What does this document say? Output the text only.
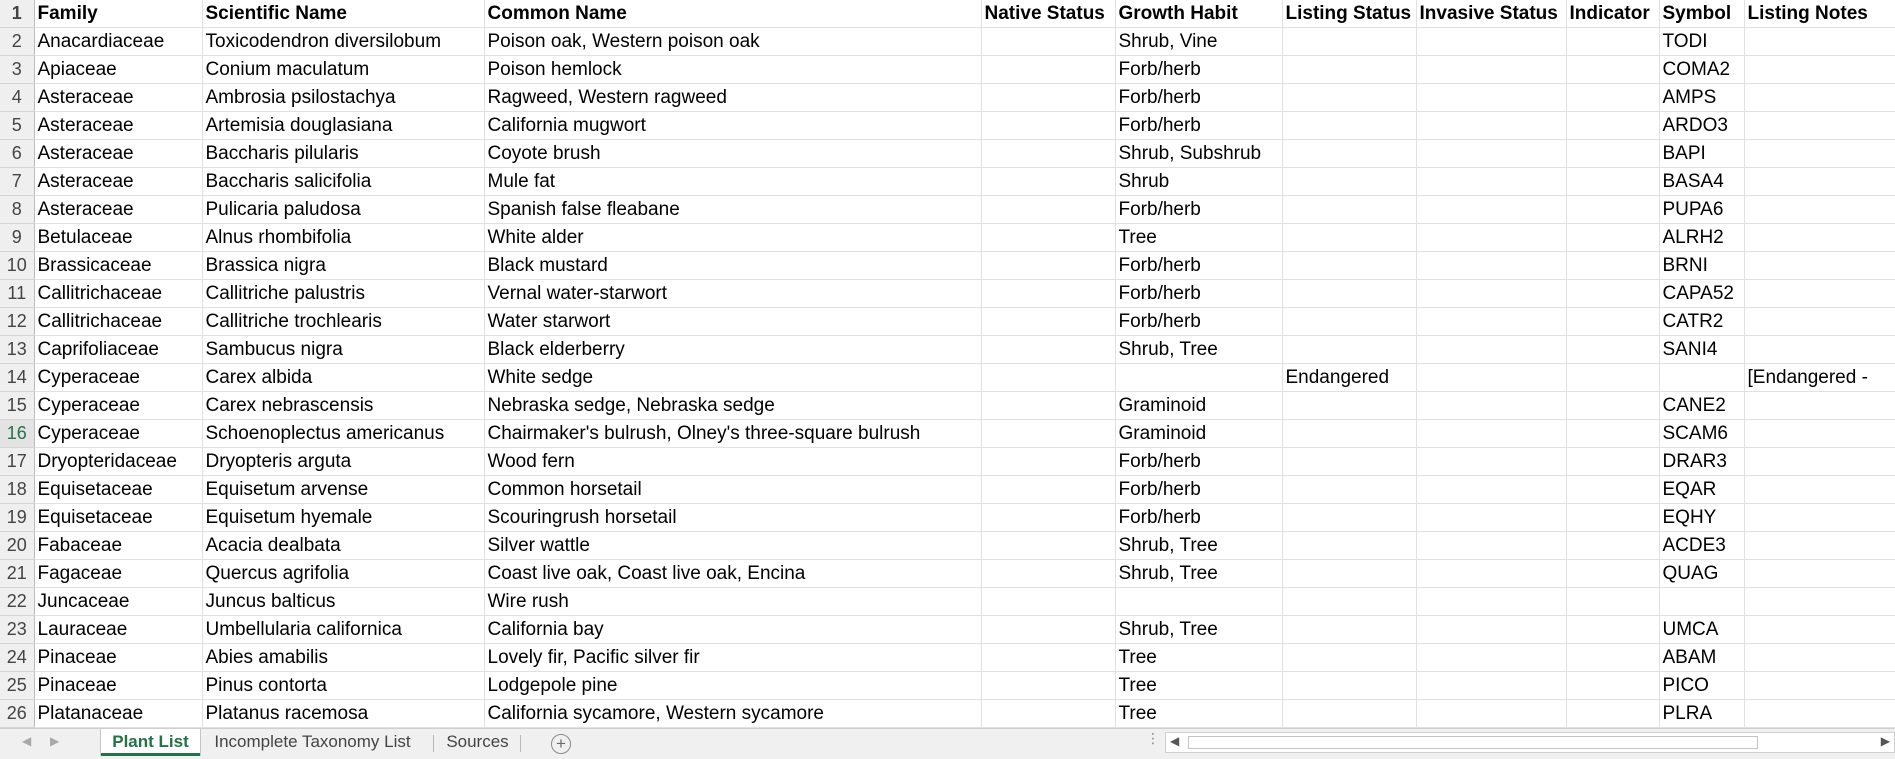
1	Family	Scientific Name	Common Name	Native Status	Growth Habit	Listing Status	Invasive Status	Indicator	Symbol	Listing Notes
2	Anacardiaceae	Toxicodendron diversilobum	Poison oak, Western poison oak		Shrub, Vine				TODI	
3	Apiaceae	Conium maculatum	Poison hemlock		Forb/herb				COMA2	
4	Asteraceae	Ambrosia psilostachya	Ragweed, Western ragweed		Forb/herb				AMPS	
5	Asteraceae	Artemisia douglasiana	California mugwort		Forb/herb				ARDO3	
6	Asteraceae	Baccharis pilularis	Coyote brush		Shrub, Subshrub				BAPI	
7	Asteraceae	Baccharis salicifolia	Mule fat		Shrub				BASA4	
8	Asteraceae	Pulicaria paludosa	Spanish false fleabane		Forb/herb				PUPA6	
9	Betulaceae	Alnus rhombifolia	White alder		Tree				ALRH2	
10	Brassicaceae	Brassica nigra	Black mustard		Forb/herb				BRNI	
11	Callitrichaceae	Callitriche palustris	Vernal water-starwort		Forb/herb				CAPA52	
12	Callitrichaceae	Callitriche trochlearis	Water starwort		Forb/herb				CATR2	
13	Caprifoliaceae	Sambucus nigra	Black elderberry		Shrub, Tree				SANI4	
14	Cyperaceae	Carex albida	White sedge			Endangered				[Endangered -
15	Cyperaceae	Carex nebrascensis	Nebraska sedge, Nebraska sedge		Graminoid				CANE2	
16	Cyperaceae	Schoenoplectus americanus	Chairmaker's bulrush, Olney's three-square bulrush		Graminoid				SCAM6	
17	Dryopteridaceae	Dryopteris arguta	Wood fern		Forb/herb				DRAR3	
18	Equisetaceae	Equisetum arvense	Common horsetail		Forb/herb				EQAR	
19	Equisetaceae	Equisetum hyemale	Scouringrush horsetail		Forb/herb				EQHY	
20	Fabaceae	Acacia dealbata	Silver wattle		Shrub, Tree				ACDE3	
21	Fagaceae	Quercus agrifolia	Coast live oak, Coast live oak, Encina		Shrub, Tree				QUAG	
22	Juncaceae	Juncus balticus	Wire rush							
23	Lauraceae	Umbellularia californica	California bay		Shrub, Tree				UMCA	
24	Pinaceae	Abies amabilis	Lovely fir, Pacific silver fir		Tree				ABAM	
25	Pinaceae	Pinus contorta	Lodgepole pine		Tree				PICO	
26	Platanaceae	Platanus racemosa	California sycamore, Western sycamore		Tree				PLRA	
◀ ▶	Plant List	Incomplete Taxonomy List	Sources	+	⋮ ◀	▶
